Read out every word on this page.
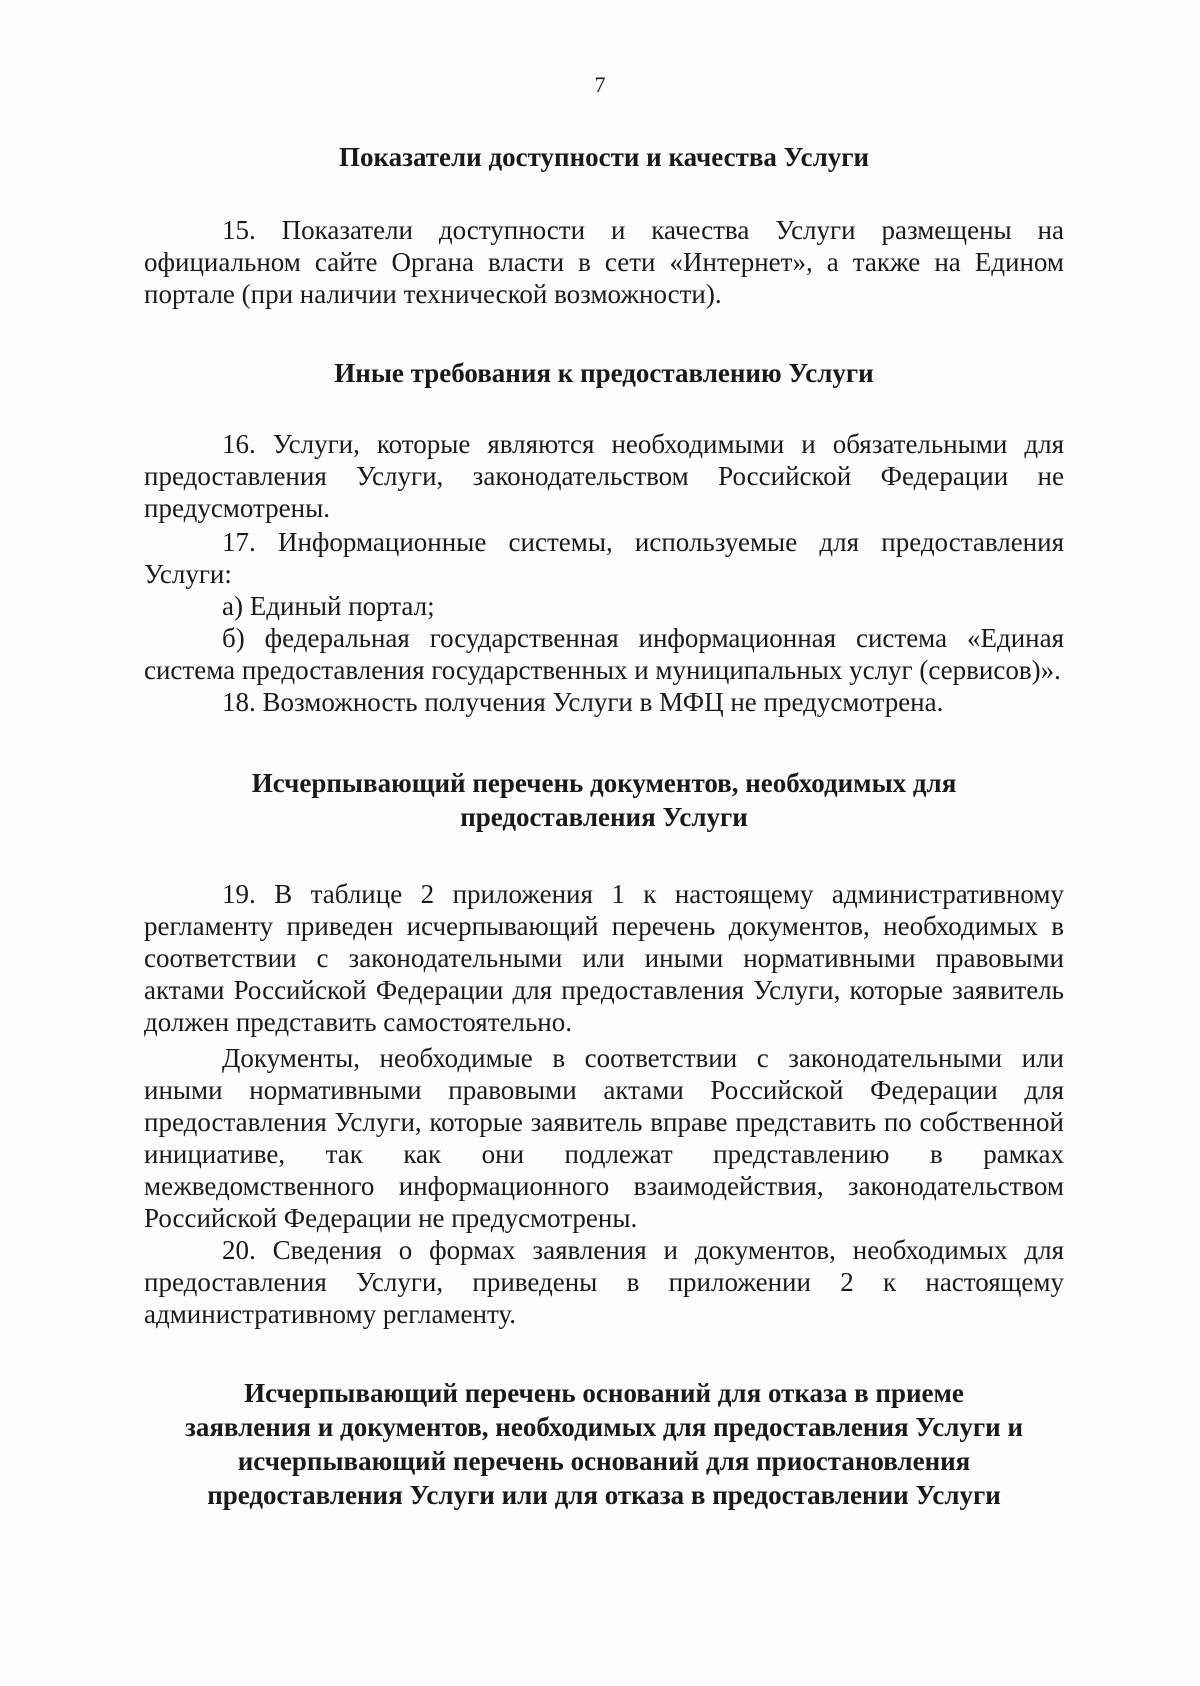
7
Показатели доступности и качества Услуги

15. Показатели доступности и качества Услуги размещены на официальном сайте Органа власти в сети «Интернет», а также на Едином портале (при наличии технической возможности).

Иные требования к предоставлению Услуги

16. Услуги, которые являются необходимыми и обязательными для предоставления Услуги, законодательством Российской Федерации не предусмотрены.

17. Информационные системы, используемые для предоставления Услуги:

а) Единый портал;

б) федеральная государственная информационная система «Единая система предоставления государственных и муниципальных услуг (сервисов)».

18. Возможность получения Услуги в МФЦ не предусмотрена.

Исчерпывающий перечень документов, необходимых для
предоставления Услуги

19. В таблице 2 приложения 1 к настоящему административному регламенту приведен исчерпывающий перечень документов, необходимых в соответствии с законодательными или иными нормативными правовыми актами Российской Федерации для предоставления Услуги, которые заявитель должен представить самостоятельно.

Документы, необходимые в соответствии с законодательными или иными нормативными правовыми актами Российской Федерации для предоставления Услуги, которые заявитель вправе представить по собственной инициативе, так как они подлежат представлению в рамках межведомственного информационного взаимодействия, законодательством Российской Федерации не предусмотрены.

20. Сведения о формах заявления и документов, необходимых для предоставления Услуги, приведены в приложении 2 к настоящему административному регламенту.

Исчерпывающий перечень оснований для отказа в приеме
заявления и документов, необходимых для предоставления Услуги и
исчерпывающий перечень оснований для приостановления
предоставления Услуги или для отказа в предоставлении Услуги
